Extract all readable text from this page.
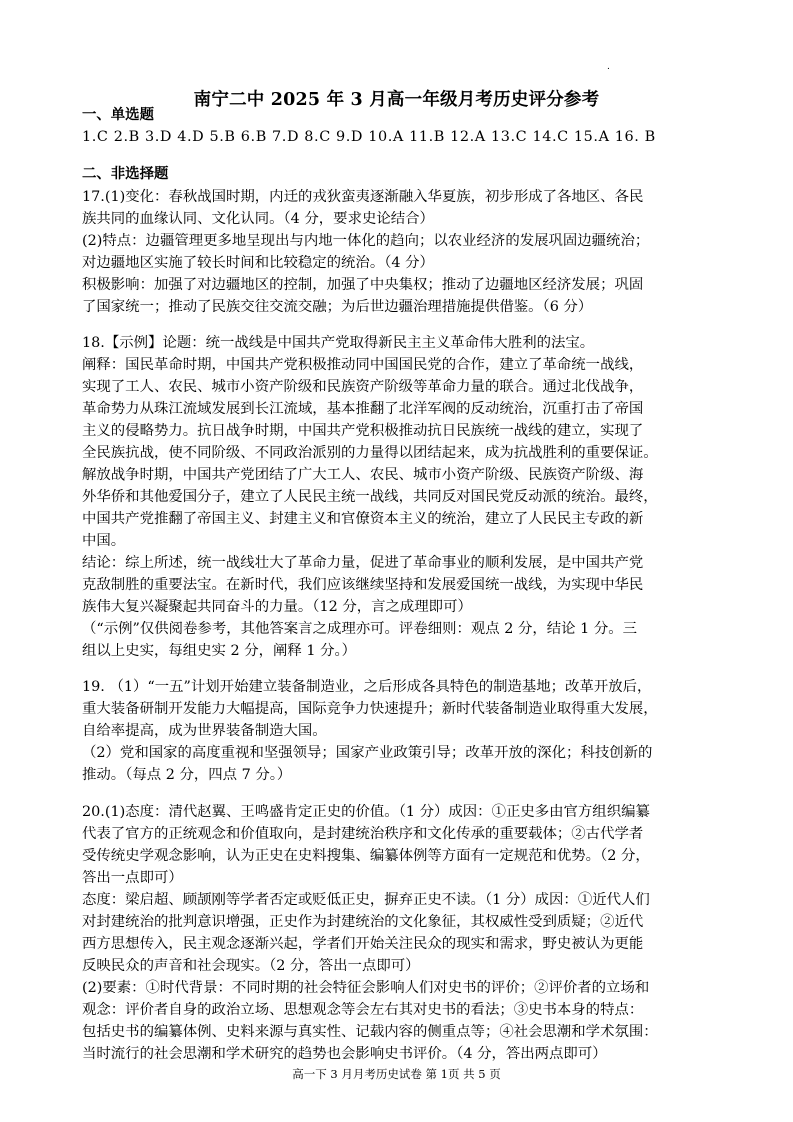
.
南宁二中 2025 年 3 月高一年级月考历史评分参考
一、单选题
1.C 2.B 3.D 4.D 5.B 6.B 7.D 8.C 9.D 10.A 11.B 12.A 13.C 14.C 15.A 16. B
二、非选择题
17.(1)变化：春秋战国时期，内迁的戎狄蛮夷逐渐融入华夏族，初步形成了各地区、各民
族共同的血缘认同、文化认同。（4 分，要求史论结合）
(2)特点：边疆管理更多地呈现出与内地一体化的趋向；以农业经济的发展巩固边疆统治；
对边疆地区实施了较长时间和比较稳定的统治。（4 分）
积极影响：加强了对边疆地区的控制，加强了中央集权；推动了边疆地区经济发展；巩固
了国家统一；推动了民族交往交流交融；为后世边疆治理措施提供借鉴。（6 分）
18.【示例】论题：统一战线是中国共产党取得新民主主义革命伟大胜利的法宝。
阐释：国民革命时期，中国共产党积极推动同中国国民党的合作，建立了革命统一战线，
实现了工人、农民、城市小资产阶级和民族资产阶级等革命力量的联合。通过北伐战争，
革命势力从珠江流域发展到长江流域，基本推翻了北洋军阀的反动统治，沉重打击了帝国
主义的侵略势力。抗日战争时期，中国共产党积极推动抗日民族统一战线的建立，实现了
全民族抗战，使不同阶级、不同政治派别的力量得以团结起来，成为抗战胜利的重要保证。
解放战争时期，中国共产党团结了广大工人、农民、城市小资产阶级、民族资产阶级、海
外华侨和其他爱国分子，建立了人民民主统一战线，共同反对国民党反动派的统治。最终，
中国共产党推翻了帝国主义、封建主义和官僚资本主义的统治，建立了人民民主专政的新
中国。
结论：综上所述，统一战线壮大了革命力量，促进了革命事业的顺利发展，是中国共产党
克敌制胜的重要法宝。在新时代，我们应该继续坚持和发展爱国统一战线，为实现中华民
族伟大复兴凝聚起共同奋斗的力量。（12 分，言之成理即可）
（“示例”仅供阅卷参考，其他答案言之成理亦可。评卷细则：观点 2 分，结论 1 分。三
组以上史实，每组史实 2 分，阐释 1 分。）
19. （1）“一五”计划开始建立装备制造业，之后形成各具特色的制造基地；改革开放后，
重大装备研制开发能力大幅提高，国际竞争力快速提升；新时代装备制造业取得重大发展，
自给率提高，成为世界装备制造大国。
（2）党和国家的高度重视和坚强领导；国家产业政策引导；改革开放的深化；科技创新的
推动。（每点 2 分，四点 7 分。）
20.(1)态度：清代赵翼、王鸣盛肯定正史的价值。（1 分）成因：①正史多由官方组织编纂
代表了官方的正统观念和价值取向，是封建统治秩序和文化传承的重要载体；②古代学者
受传统史学观念影响，认为正史在史料搜集、编纂体例等方面有一定规范和优势。（2 分，
答出一点即可）
态度：梁启超、顾颉刚等学者否定或贬低正史，摒弃正史不读。（1 分）成因：①近代人们
对封建统治的批判意识增强，正史作为封建统治的文化象征，其权威性受到质疑；②近代
西方思想传入，民主观念逐渐兴起，学者们开始关注民众的现实和需求，野史被认为更能
反映民众的声音和社会现实。（2 分，答出一点即可）
(2)要素：①时代背景：不同时期的社会特征会影响人们对史书的评价；②评价者的立场和
观念：评价者自身的政治立场、思想观念等会左右其对史书的看法；③史书本身的特点：
包括史书的编纂体例、史料来源与真实性、记载内容的侧重点等；④社会思潮和学术氛围：
当时流行的社会思潮和学术研究的趋势也会影响史书评价。（4 分，答出两点即可）
高一下 3 月月考历史试卷 第 1页 共 5 页
